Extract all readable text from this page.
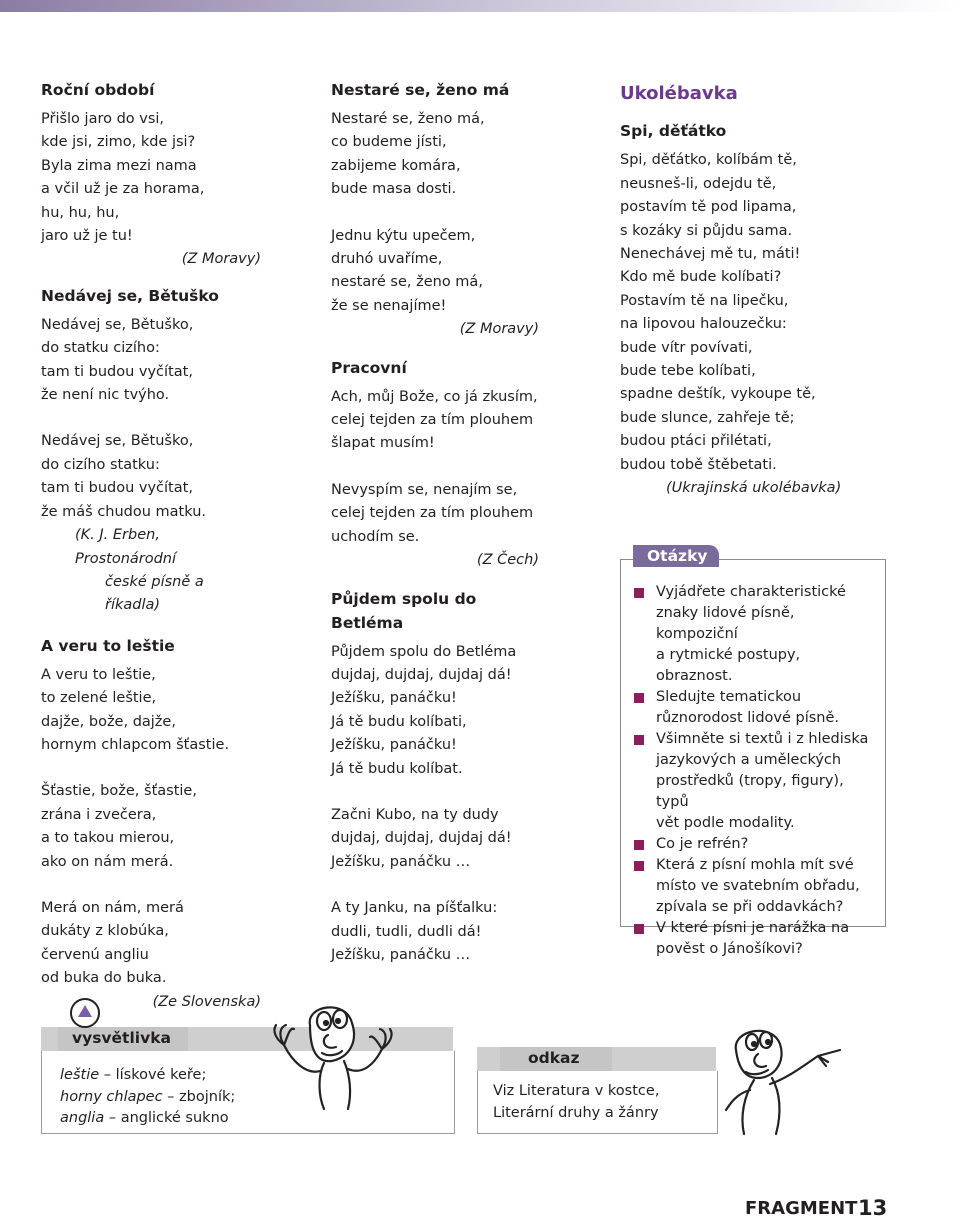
Roční období
Přišlo jaro do vsi,
kde jsi, zimo, kde jsi?
Byla zima mezi nama
a včil už je za horama,
hu, hu, hu,
jaro už je tu!
(Z Moravy)
Nedávej se, Bětuško
Nedávej se, Bětuško,
do statku cizího:
tam ti budou vyčítat,
že není nic tvýho.
Nedávej se, Bětuško,
do cizího statku:
tam ti budou vyčítat,
že máš chudou matku.
(K. J. Erben, Prostonárodní
české písně a říkadla)
A veru to leštie
A veru to leštie,
to zelené leštie,
dajže, bože, dajže,
hornym chlapcom šťastie.
Šťastie, bože, šťastie,
zrána i zvečera,
a to takou mierou,
ako on nám merá.
Merá on nám, merá
dukáty z klobúka,
červenú angliu
od buka do buka.
(Ze Slovenska)
Nestaré se, ženo má
Nestaré se, ženo má,
co budeme jísti,
zabijeme komára,
bude masa dosti.
Jednu kýtu upečem,
druhó uvaříme,
nestaré se, ženo má,
že se nenajíme!
(Z Moravy)
Pracovní
Ach, můj Bože, co já zkusím,
celej tejden za tím plouhem
šlapat musím!
Nevyspím se, nenajím se,
celej tejden za tím plouhem
uchodím se.
(Z Čech)
Půjdem spolu do Betléma
Půjdem spolu do Betléma
dujdaj, dujdaj, dujdaj dá!
Ježíšku, panáčku!
Já tě budu kolíbati,
Ježíšku, panáčku!
Já tě budu kolíbat.
Začni Kubo, na ty dudy
dujdaj, dujdaj, dujdaj dá!
Ježíšku, panáčku …
A ty Janku, na píšťalku:
dudli, tudli, dudli dá!
Ježíšku, panáčku …
Ukolébavka
Spi, děťátko
Spi, děťátko, kolíbám tě,
neusneš-li, odejdu tě,
postavím tě pod lipama,
s kozáky si půjdu sama.
Nenechávej mě tu, máti!
Kdo mě bude kolíbati?
Postavím tě na lipečku,
na lipovou halouzečku:
bude vítr povívati,
bude tebe kolíbati,
spadne deštík, vykoupe tě,
bude slunce, zahřeje tě;
budou ptáci přilétati,
budou tobě štěbetati.
(Ukrajinská ukolébavka)
Otázky
Vyjádřete charakteristické
znaky lidové písně, kompoziční
a rytmické postupy, obraznost.
Sledujte tematickou
různorodost lidové písně.
Všimněte si textů i z hlediska
jazykových a uměleckých
prostředků (tropy, figury), typů
vět podle modality.
Co je refrén?
Která z písní mohla mít své
místo ve svatebním obřadu,
zpívala se při oddavkách?
V které písni je narážka na
pověst o Jánošíkovi?
vysvětlivka
leštie – lískové keře;
horny chlapec – zbojník;
anglia – anglické sukno
odkaz
Viz Literatura v kostce,
Literární druhy a žánry
FRAGMENT 13
